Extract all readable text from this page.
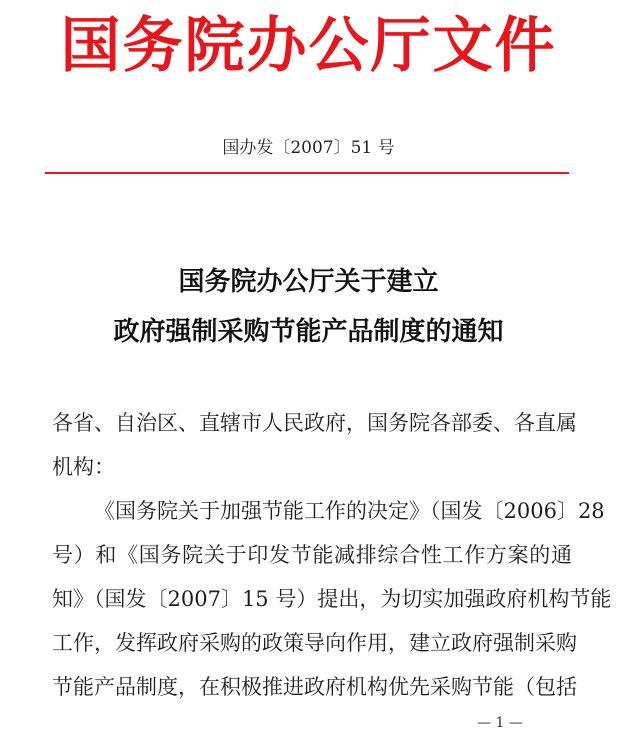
国务院办公厅文件
国办发〔2007〕51 号
国务院办公厅关于建立
政府强制采购节能产品制度的通知
各省、自治区、直辖市人民政府，国务院各部委、各直属
机构：
《国务院关于加强节能工作的决定》（国发〔2006〕28
号）和《国务院关于印发节能减排综合性工作方案的通
知》（国发〔2007〕15 号）提出，为切实加强政府机构节能
工作，发挥政府采购的政策导向作用，建立政府强制采购
节能产品制度，在积极推进政府机构优先采购节能（包括
— 1 —
